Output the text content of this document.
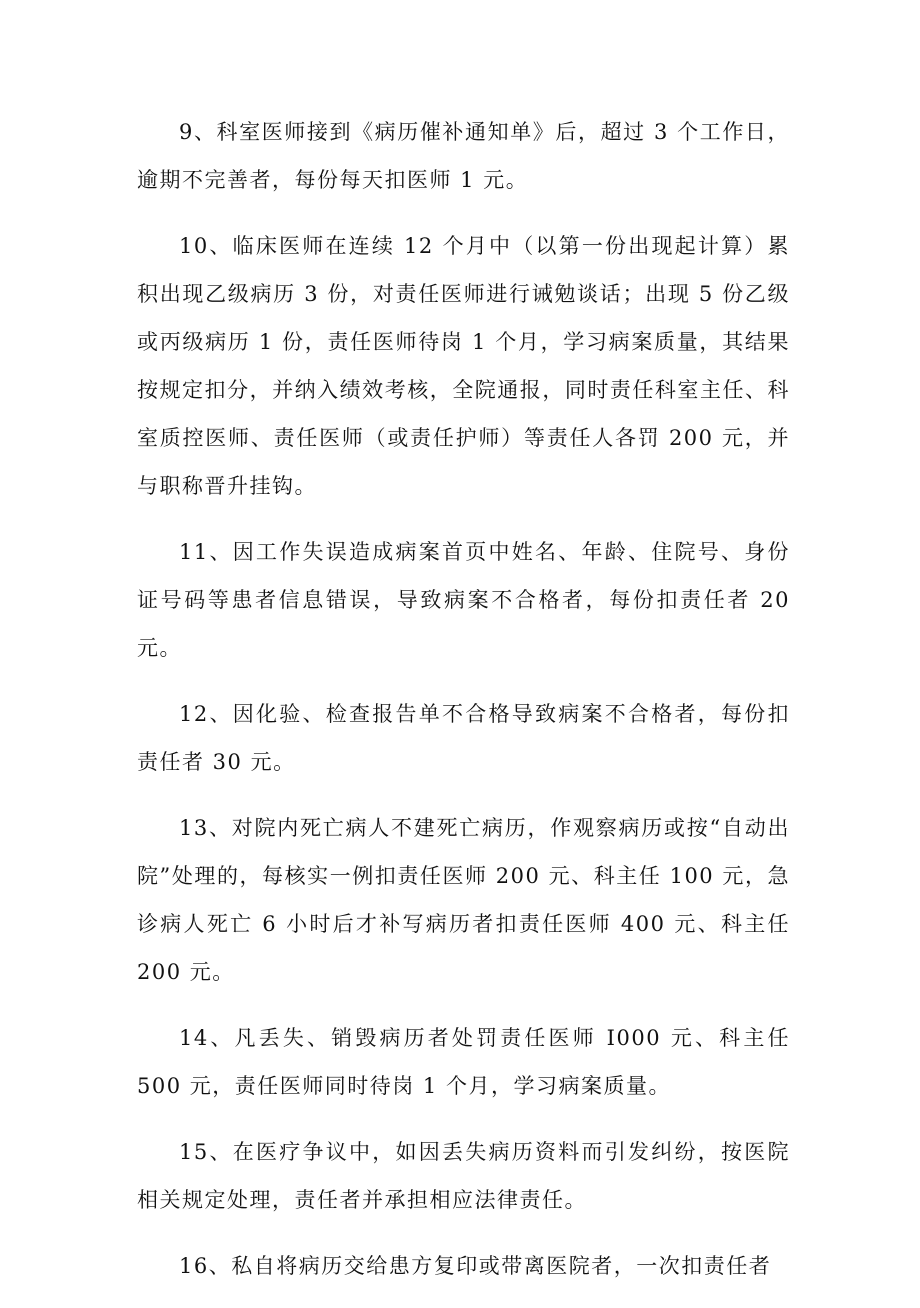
9、科室医师接到《病历催补通知单》后，超过 3 个工作日，逾期不完善者，每份每天扣医师 1 元。

10、临床医师在连续 12 个月中（以第一份出现起计算）累积出现乙级病历 3 份，对责任医师进行诫勉谈话；出现 5 份乙级或丙级病历 1 份，责任医师待岗 1 个月，学习病案质量，其结果按规定扣分，并纳入绩效考核，全院通报，同时责任科室主任、科室质控医师、责任医师（或责任护师）等责任人各罚 200 元，并与职称晋升挂钩。

11、因工作失误造成病案首页中姓名、年龄、住院号、身份证号码等患者信息错误，导致病案不合格者，每份扣责任者 20 元。

12、因化验、检查报告单不合格导致病案不合格者，每份扣责任者 30 元。

13、对院内死亡病人不建死亡病历，作观察病历或按“自动出院”处理的，每核实一例扣责任医师 200 元、科主任 100 元，急诊病人死亡 6 小时后才补写病历者扣责任医师 400 元、科主任 200 元。

14、凡丢失、销毁病历者处罚责任医师 I000 元、科主任 500 元，责任医师同时待岗 1 个月，学习病案质量。

15、在医疗争议中，如因丢失病历资料而引发纠纷，按医院相关规定处理，责任者并承担相应法律责任。

16、私自将病历交给患方复印或带离医院者，一次扣责任者
